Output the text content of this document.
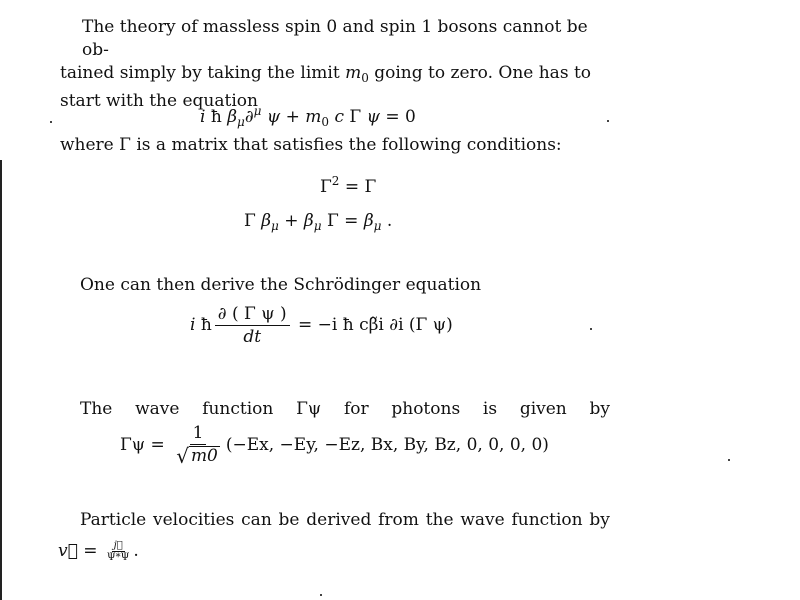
The theory of massless spin 0 and spin 1 bosons cannot be ob-
tained simply by taking the limit $m_0$ going to zero. One has to
start with the equation
i ħ $\beta_\mu\partial^\mu$ $\psi + m_0$ c Γ ψ = 0
where Γ is a matrix that satisfies the following conditions:
$\Gamma^2 = \Gamma$
Γ $\beta_\mu + \beta_\mu$ $\Gamma = \beta_\mu$ .
One can then derive the Schrödinger equation
i ħ $\frac{\text{∂ ( Γ ψ )}}{dt} = -i$ ħ cβ̃i ∂i (Γ ψ)
The wave function Γψ for photons is given by
$\Gamma\psi = \frac{1}{√ m0} (-Ex$, −Ey, −Ez, Bx, By, Bz, 0, 0, 0, 0)
Particle velocities can be derived from the wave function by
v⃗ = $\frac{j⃗}{\Psi*\Psi}$ .
